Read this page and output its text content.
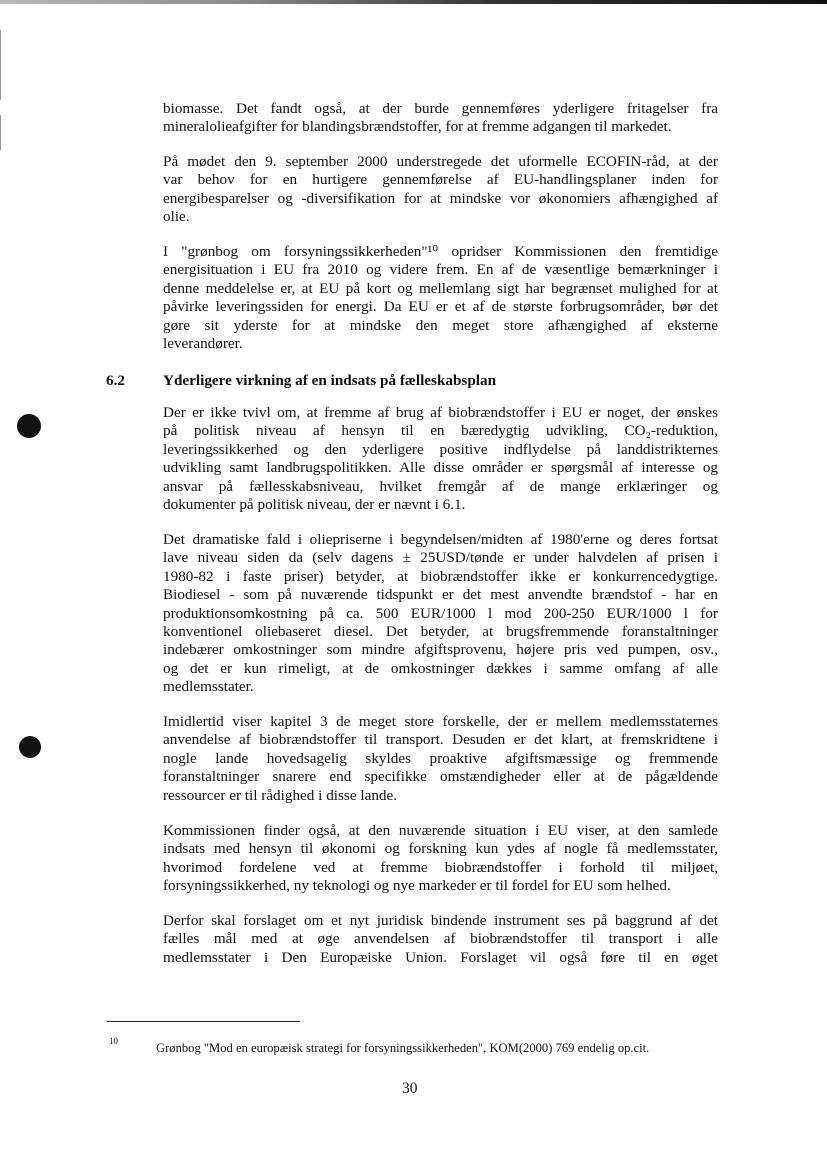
biomasse. Det fandt også, at der burde gennemføres yderligere fritagelser fra
mineralolieafgifter for blandingsbrændstoffer, for at fremme adgangen til markedet.
På mødet den 9. september 2000 understregede det uformelle ECOFIN-råd, at der
var behov for en hurtigere gennemførelse af EU-handlingsplaner inden for
energibesparelser og -diversifikation for at mindske vor økonomiers afhængighed af
olie.
I "grønbog om forsyningssikkerheden"¹⁰ opridser Kommissionen den fremtidige
energisituation i EU fra 2010 og videre frem. En af de væsentlige bemærkninger i
denne meddelelse er, at EU på kort og mellemlang sigt har begrænset mulighed for at
påvirke leveringssiden for energi. Da EU er et af de største forbrugsområder, bør det
gøre sit yderste for at mindske den meget store afhængighed af eksterne
leverandører.
6.2	Yderligere virkning af en indsats på fælleskabsplan
Der er ikke tvivl om, at fremme af brug af biobrændstoffer i EU er noget, der ønskes
på politisk niveau af hensyn til en bæredygtig udvikling, CO₂-reduktion,
leveringssikkerhed og den yderligere positive indflydelse på landdistrikternes
udvikling samt landbrugspolitikken. Alle disse områder er spørgsmål af interesse og
ansvar på fællesskabsniveau, hvilket fremgår af de mange erklæringer og
dokumenter på politisk niveau, der er nævnt i 6.1.
Det dramatiske fald i oliepriserne i begyndelsen/midten af 1980'erne og deres fortsat
lave niveau siden da (selv dagens ± 25USD/tønde er under halvdelen af prisen i
1980-82 i faste priser) betyder, at biobrændstoffer ikke er konkurrencedygtige.
Biodiesel - som på nuværende tidspunkt er det mest anvendte brændstof - har en
produktionsomkostning på ca. 500 EUR/1000 l mod 200-250 EUR/1000 l for
konventionel oliebaseret diesel. Det betyder, at brugsfremmende foranstaltninger
indebærer omkostninger som mindre afgiftsprovenu, højere pris ved pumpen, osv.,
og det er kun rimeligt, at de omkostninger dækkes i samme omfang af alle
medlemsstater.
Imidlertid viser kapitel 3 de meget store forskelle, der er mellem medlemsstaternes
anvendelse af biobrændstoffer til transport. Desuden er det klart, at fremskridtene i
nogle lande hovedsagelig skyldes proaktive afgiftsmæssige og fremmende
foranstaltninger snarere end specifikke omstændigheder eller at de pågældende
ressourcer er til rådighed i disse lande.
Kommissionen finder også, at den nuværende situation i EU viser, at den samlede
indsats med hensyn til økonomi og forskning kun ydes af nogle få medlemsstater,
hvorimod fordelene ved at fremme biobrændstoffer i forhold til miljøet,
forsyningssikkerhed, ny teknologi og nye markeder er til fordel for EU som helhed.
Derfor skal forslaget om et nyt juridisk bindende instrument ses på baggrund af det
fælles mål med at øge anvendelsen af biobrændstoffer til transport i alle
medlemsstater i Den Europæiske Union. Forslaget vil også føre til en øget
10	Grønbog "Mod en europæisk strategi for forsyningssikkerheden", KOM(2000) 769 endelig op.cit.
30
